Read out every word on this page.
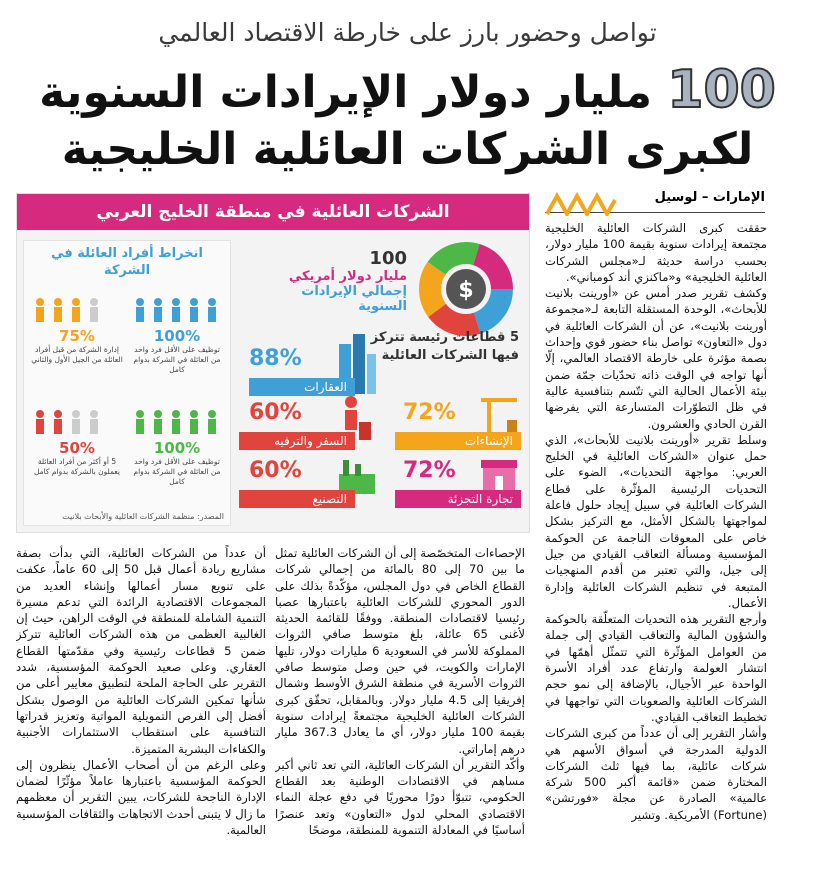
تواصل وحضور بارز على خارطة الاقتصاد العالمي
100 مليار دولار الإيرادات السنوية
لكبرى الشركات العائلية الخليجية
الإمارات – لوسيل

حققت كبرى الشركات العائلية الخليجية مجتمعة إيرادات سنوية بقيمة 100 مليار دولار، بحسب دراسة حديثة لـ«مجلس الشركات العائلية الخليجية» و«ماكنزي أند كومباني».

وكشف تقرير صدر أمس عن «أورينت بلانيت للأبحاث»، الوحدة المستقلة التابعة لـ«مجموعة أورينت بلانيت»، عن أن الشركات العائلية في دول «التعاون» تواصل بناء حضور قوي وإحداث بصمة مؤثرة على خارطة الاقتصاد العالمي، إلّا أنها تواجه في الوقت ذاته تحدّيات جمّة ضمن بيئة الأعمال الحالية التي تتّسم بتنافسية عالية في ظل التطوّرات المتسارعة التي يفرضها القرن الحادي والعشرون.

وسلط تقرير «أورينت بلانيت للأبحاث»، الذي حمل عنوان «الشركات العائلية في الخليج العربي: مواجهة التحديات»، الضوء على التحديات الرئيسية المؤثّرة على قطاع الشركات العائلية في سبيل إيجاد حلول فاعلة لمواجهتها بالشكل الأمثل، مع التركيز بشكل خاص على المعوقات الناجمة عن الحوكمة المؤسسية ومسألة التعاقب القيادي من جيل إلى جيل، والتي تعتبر من أقدم المنهجيات المتبعة في تنظيم الشركات العائلية وإدارة الأعمال.

وأرجع التقرير هذه التحديات المتعلّقة بالحوكمة والشؤون المالية والتعاقب القيادي إلى جملة من العوامل المؤثّرة التي تتمثّل أهمّها في انتشار العولمة وارتفاع عدد أفراد الأسرة الواحدة عبر الأجيال، بالإضافة إلى نمو حجم الشركات العائلية والصعوبات التي تواجهها في تخطيط التعاقب القيادي.

وأشار التقرير إلى أن عدداً من كبرى الشركات الدولية المدرجة في أسواق الأسهم هي شركات عائلية، بما فيها ثلث الشركات المختارة ضمن «قائمة أكبر 500 شركة عالمية» الصادرة عن مجلة «فورتشن» (Fortune) الأمريكية. وتشير

الشركات العائلية في منطقة الخليج العربي
$
100
مليار دولار أمريكي
إجمالي الإيرادات السنوية
5 قطاعات رئيسة تتركز فيها الشركات العائلية
88%
العقارات
72%
الإنشاءات
60%
السفر والترفيه
72%
تجارة التجزئة
60%
التصنيع
انخراط أفراد العائلة في الشركة
100%
توظيف على الأقل فرد واحد من العائلة في الشركة بدوام كامل
75%
إدارة الشركة من قبل أفراد العائلة من الجيل الأول والثاني
100%
توظيف على الأقل فرد واحد من العائلة في الشركة بدوام كامل
50%
5 أو أكثر من أفراد العائلة يعملون بالشركة بدوام كامل
المصدر: منظمة الشركات العائلية والأبحاث بلانيت

الإحصاءات المتخصّصة إلى أن الشركات العائلية تمثل ما بين 70 إلى 80 بالمائة من إجمالي شركات القطاع الخاص في دول المجلس، مؤكّدةً بذلك على الدور المحوري للشركات العائلية باعتبارها عصبا رئيسيا لاقتصادات المنطقة. ووفقًا للقائمة الحديثة لأغنى 65 عائلة، بلغ متوسط صافي الثروات المملوكة للأسر في السعودية 6 مليارات دولار، تليها الإمارات والكويت، في حين وصل متوسط صافي الثروات الأسرية في منطقة الشرق الأوسط وشمال إفريقيا إلى 4.5 مليار دولار. وبالمقابل، تحقّق كبرى الشركات العائلية الخليجية مجتمعةً إيرادات سنوية بقيمة 100 مليار دولار، أي ما يعادل 367.3 مليار درهم إماراتي.

وأكّد التقرير أن الشركات العائلية، التي تعد ثاني أكبر مساهم في الاقتصادات الوطنية بعد القطاع الحكومي، تتبوّأ دورًا محوريًا في دفع عجلة النماء الاقتصادي المحلي لدول «التعاون» وتعد عنصرًا أساسيًا في المعادلة التنموية للمنطقة، موضحًا

أن عدداً من الشركات العائلية، التي بدأت بصفة مشاريع ريادة أعمال قبل 50 إلى 60 عاماً، عكفت على تنويع مسار أعمالها وإنشاء العديد من المجموعات الاقتصادية الرائدة التي تدعم مسيرة التنمية الشاملة للمنطقة في الوقت الراهن، حيث إن الغالبية العظمى من هذه الشركات العائلية تتركز ضمن 5 قطاعات رئيسية وفي مقدّمتها القطاع العقاري. وعلى صعيد الحوكمة المؤسسية، شدد التقرير على الحاجة الملحة لتطبيق معايير أعلى من شأنها تمكين الشركات العائلية من الوصول بشكل أفضل إلى الفرص التمويلية المواتية وتعزيز قدراتها التنافسية على استقطاب الاستثمارات الأجنبية والكفاءات البشرية المتميزة.

وعلى الرغم من أن أصحاب الأعمال ينظرون إلى الحوكمة المؤسسية باعتبارها عاملاً مؤثّرًا لضمان الإدارة الناجحة للشركات، يبين التقرير أن معظمهم ما زال لا يتبنى أحدث الاتجاهات والثقافات المؤسسية العالمية.
